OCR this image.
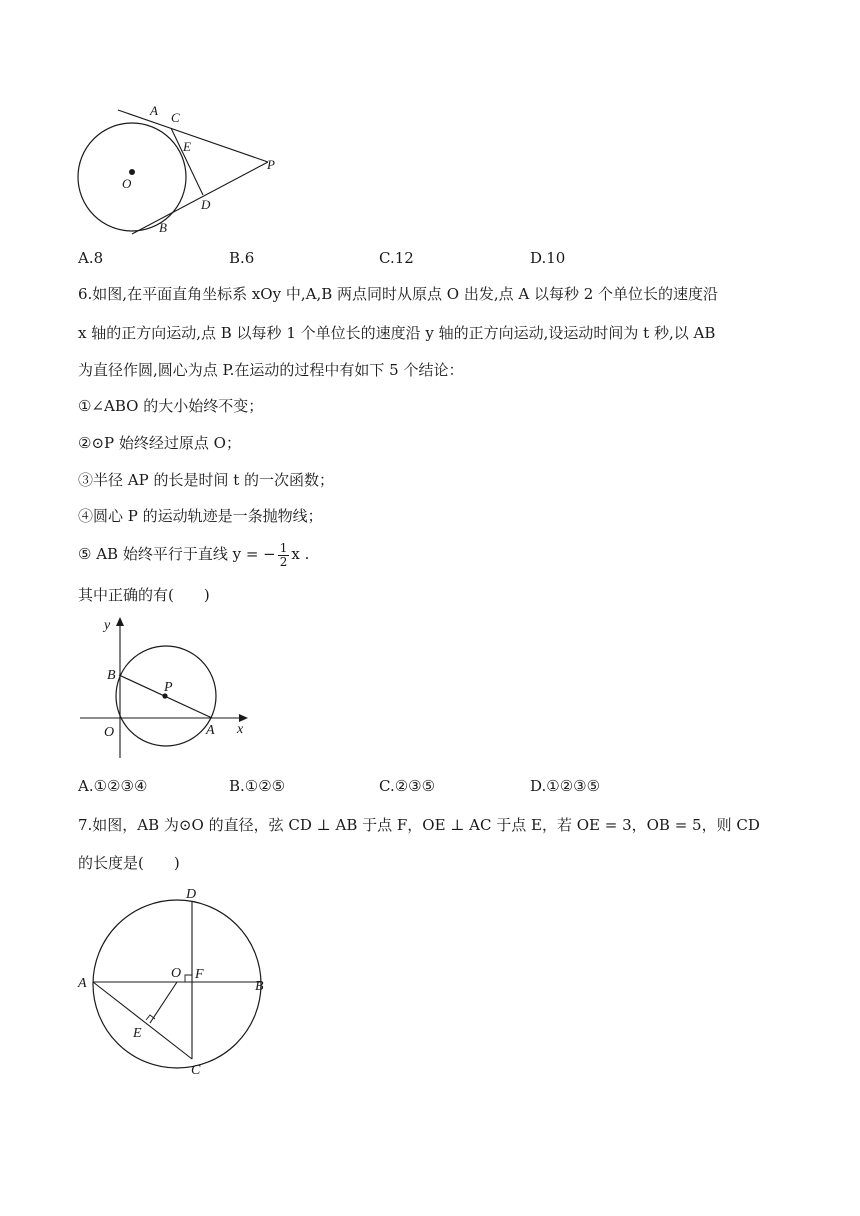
A C
E
O
P
D
B
A.8	B.6	C.12	D.10
6.如图,在平面直角坐标系 xOy 中,A,B 两点同时从原点 O 出发,点 A 以每秒 2 个单位长的速度沿
x 轴的正方向运动,点 B 以每秒 1 个单位长的速度沿 y 轴的正方向运动,设运动时间为 t 秒,以 AB
为直径作圆,圆心为点 P.在运动的过程中有如下 5 个结论：
①∠ABO 的大小始终不变；
②⊙P 始终经过原点 O；
③半径 AP 的长是时间 t 的一次函数；
④圆心 P 的运动轨迹是一条抛物线；
⑤ AB 始终平行于直线 y = − $\frac{1}{2}$ x .
其中正确的有(　　)
y
x
B
P
O	A
A.①②③④	B.①②⑤	C.②③⑤	D.①②③⑤
7.如图，AB 为⊙O 的直径，弦 CD ⊥ AB 于点 F，OE ⊥ AC 于点 E，若 OE = 3，OB = 5，则 CD
的长度是(　　)
D
A
O F
B
E
C
